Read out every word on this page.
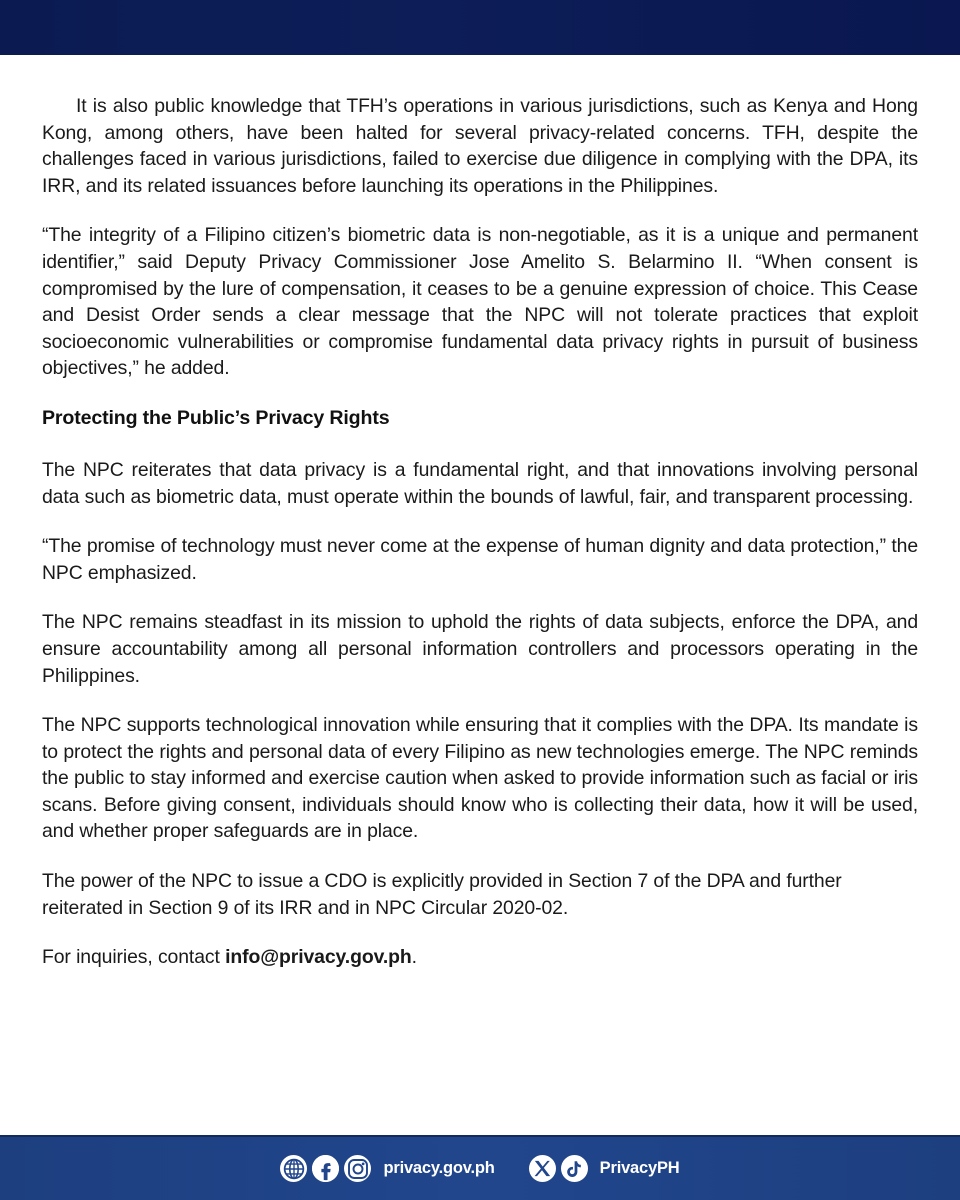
It is also public knowledge that TFH’s operations in various jurisdictions, such as Kenya and Hong Kong, among others, have been halted for several privacy-related concerns. TFH, despite the challenges faced in various jurisdictions, failed to exercise due diligence in complying with the DPA, its IRR, and its related issuances before launching its operations in the Philippines.

“The integrity of a Filipino citizen’s biometric data is non-negotiable, as it is a unique and permanent identifier,” said Deputy Privacy Commissioner Jose Amelito S. Belarmino II. “When consent is compromised by the lure of compensation, it ceases to be a genuine expression of choice. This Cease and Desist Order sends a clear message that the NPC will not tolerate practices that exploit socioeconomic vulnerabilities or compromise fundamental data privacy rights in pursuit of business objectives,” he added.

Protecting the Public’s Privacy Rights

The NPC reiterates that data privacy is a fundamental right, and that innovations involving personal data such as biometric data, must operate within the bounds of lawful, fair, and transparent processing.

“The promise of technology must never come at the expense of human dignity and data protection,” the NPC emphasized.

The NPC remains steadfast in its mission to uphold the rights of data subjects, enforce the DPA, and ensure accountability among all personal information controllers and processors operating in the Philippines.

The NPC supports technological innovation while ensuring that it complies with the DPA. Its mandate is to protect the rights and personal data of every Filipino as new technologies emerge. The NPC reminds the public to stay informed and exercise caution when asked to provide information such as facial or iris scans. Before giving consent, individuals should know who is collecting their data, how it will be used, and whether proper safeguards are in place.

The power of the NPC to issue a CDO is explicitly provided in Section 7 of the DPA and further reiterated in Section 9 of its IRR and in NPC Circular 2020-02.

For inquiries, contact info@privacy.gov.ph.

privacy.gov.ph	PrivacyPH
